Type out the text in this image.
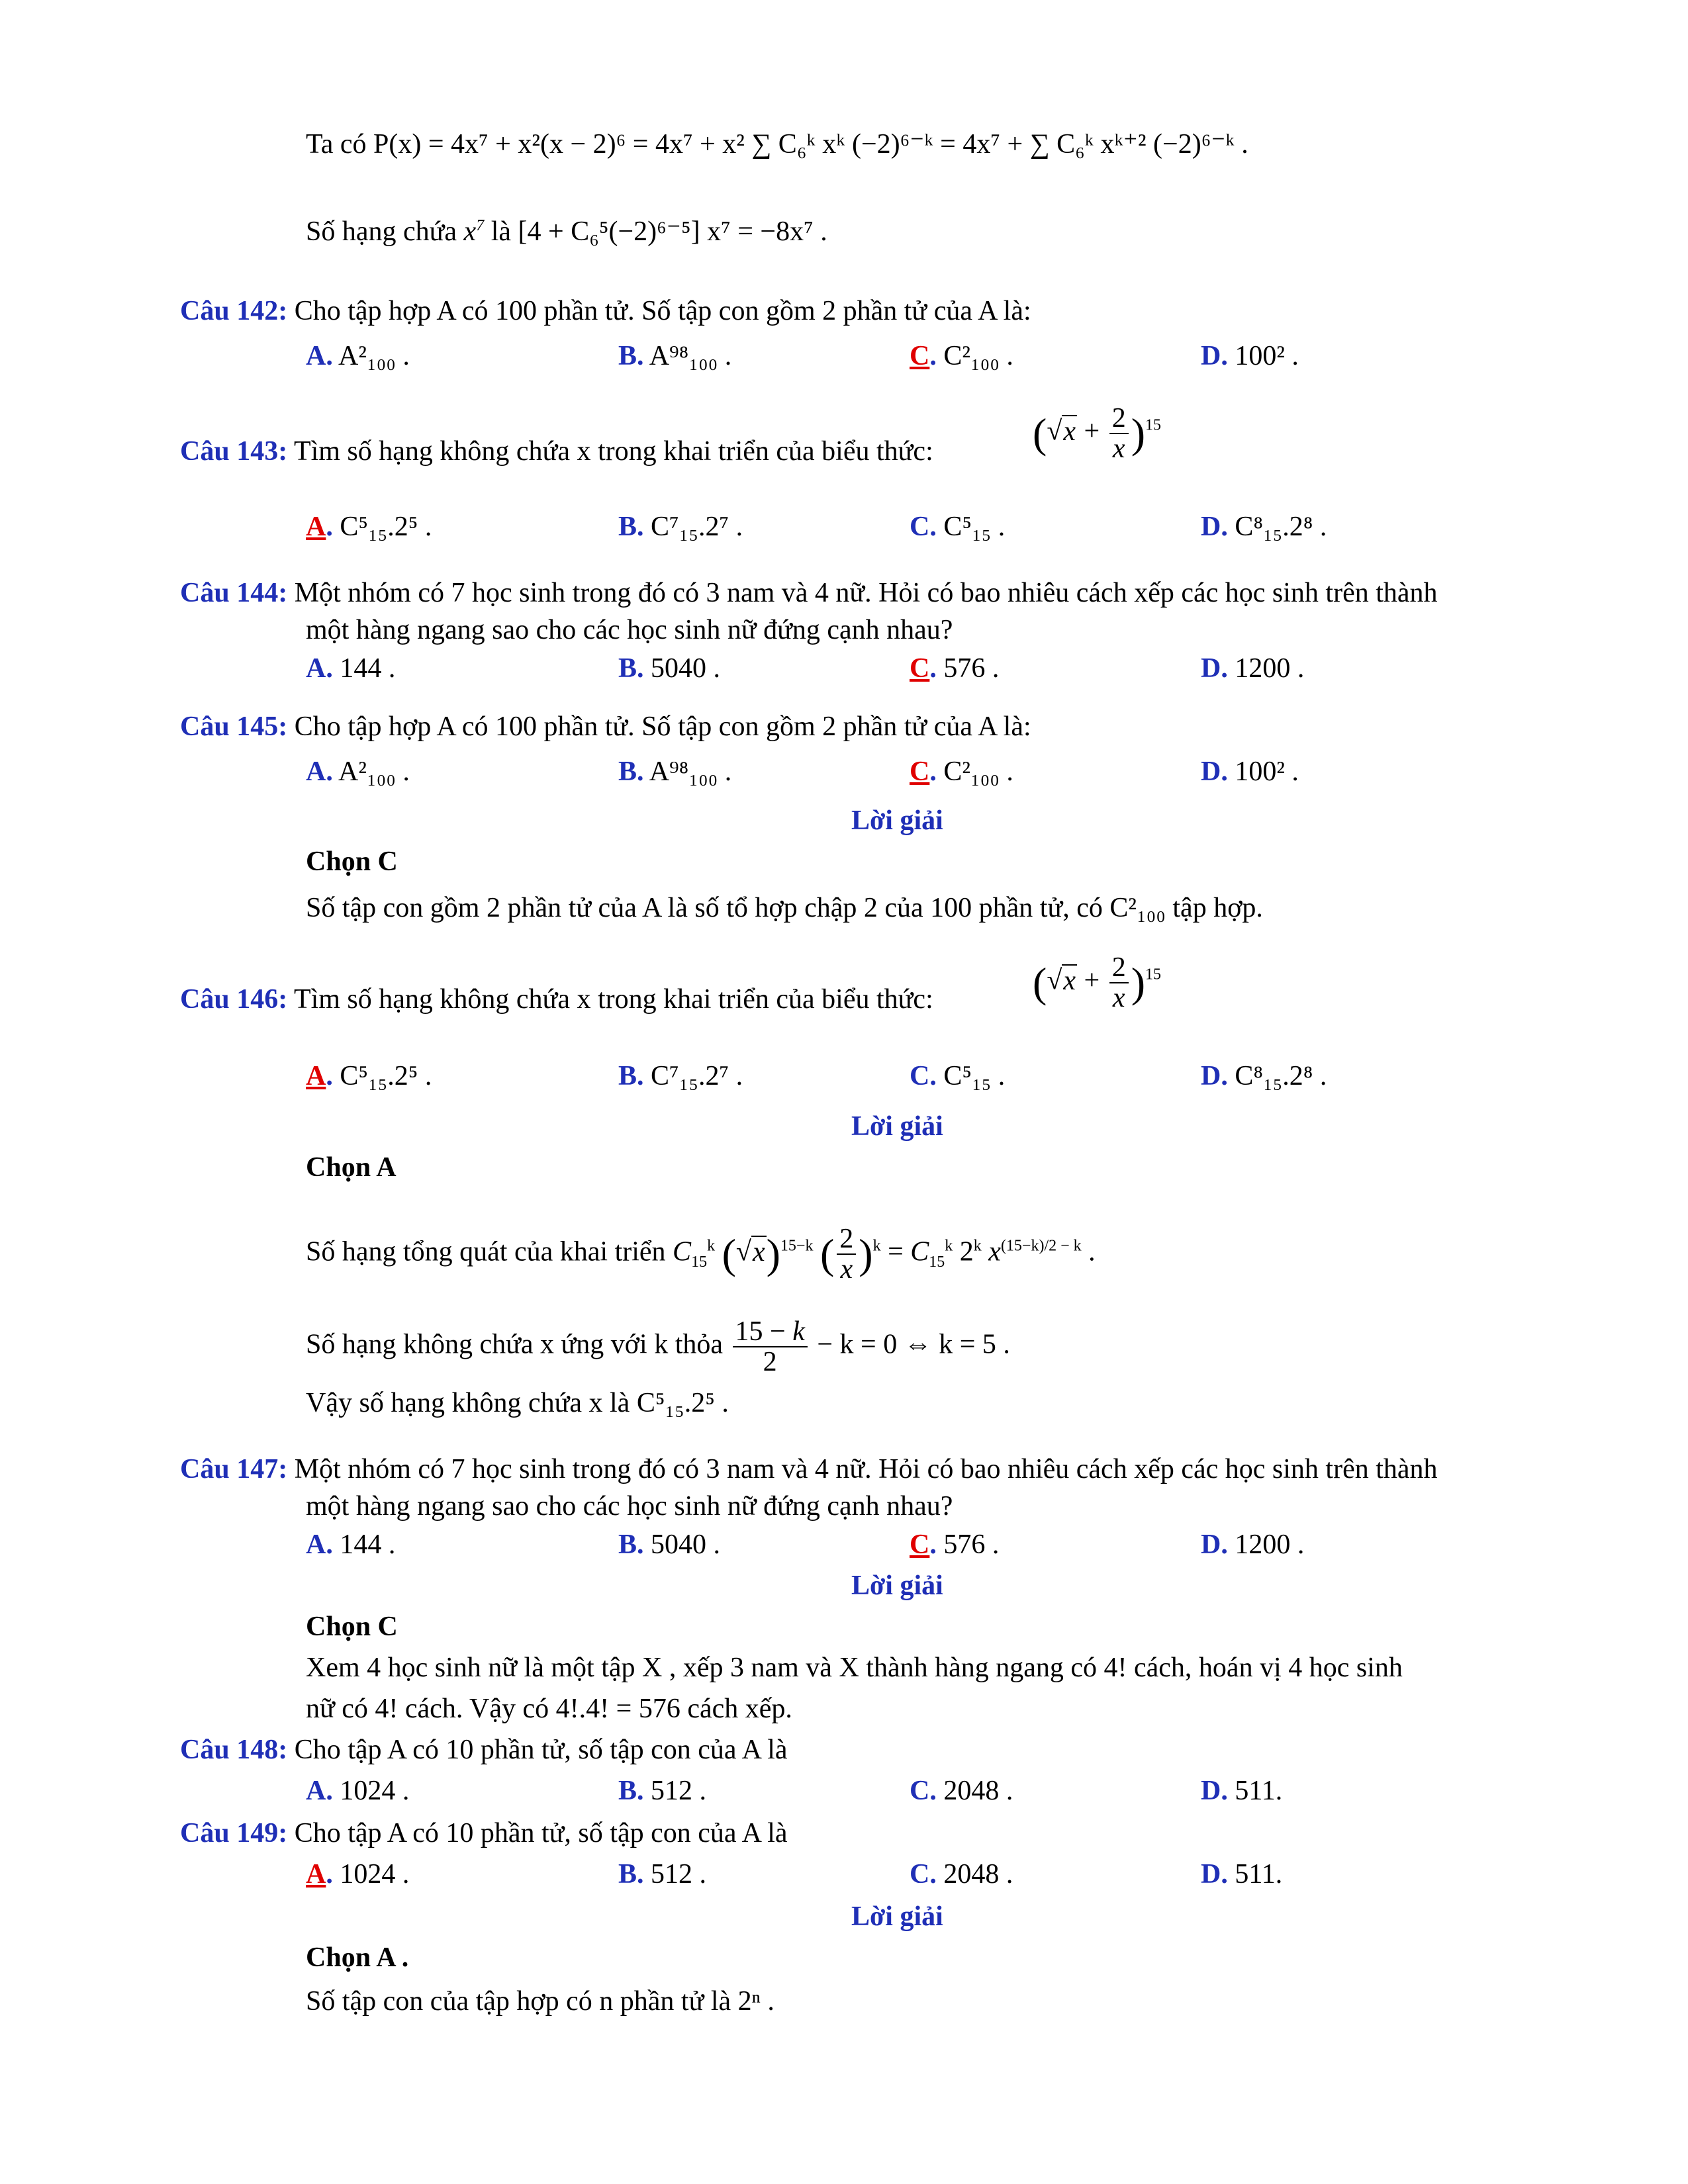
Ta có P(x) = 4x⁷ + x²(x − 2)⁶ = 4x⁷ + x² ∑ C₆ᵏ xᵏ (−2)⁶⁻ᵏ = 4x⁷ + ∑ C₆ᵏ xᵏ⁺² (−2)⁶⁻ᵏ .
Số hạng chứa $x^7$ là [4 + C₆⁵(−2)⁶⁻⁵] x⁷ = −8x⁷ .
Câu 142: Cho tập hợp A có 100 phần tử. Số tập con gồm 2 phần tử của A là:
A. A²₁₀₀ .	B. A⁹⁸₁₀₀ .	C. C²₁₀₀ .	D. 100² .
Câu 143: Tìm số hạng không chứa x trong khai triển của biểu thức: $(√x + \frac{2}{x} )^{15}$
A. C⁵₁₅.2⁵ .	B. C⁷₁₅.2⁷ .	C. C⁵₁₅ .	D. C⁸₁₅.2⁸ .
Câu 144: Một nhóm có 7 học sinh trong đó có 3 nam và 4 nữ. Hỏi có bao nhiêu cách xếp các học sinh trên thành
một hàng ngang sao cho các học sinh nữ đứng cạnh nhau?
A. 144 .	B. 5040 .	C. 576 .	D. 1200 .
Câu 145: Cho tập hợp A có 100 phần tử. Số tập con gồm 2 phần tử của A là:
A. A²₁₀₀ .	B. A⁹⁸₁₀₀ .	C. C²₁₀₀ .	D. 100² .
Lời giải
Chọn C
Số tập con gồm 2 phần tử của A là số tổ hợp chập 2 của 100 phần tử, có C²₁₀₀ tập hợp.
Câu 146: Tìm số hạng không chứa x trong khai triển của biểu thức: $(√x + \frac{2}{x} )^{15}$
A. C⁵₁₅.2⁵ .	B. C⁷₁₅.2⁷ .	C. C⁵₁₅ .	D. C⁸₁₅.2⁸ .
Lời giải
Chọn A
Số hạng tổng quát của khai triển $C_{15}^k$ $(√x)^{15-k}$ ( $\frac{2}{x} )^k = C_{15}^k$ 2$^k$ $x^{(15-k)/2 - k}$ .
Số hạng không chứa x ứng với k thỏa $\frac{15 - k}{2} - k = 0$ ⇔ k = 5 .
Vậy số hạng không chứa x là C⁵₁₅.2⁵ .
Câu 147: Một nhóm có 7 học sinh trong đó có 3 nam và 4 nữ. Hỏi có bao nhiêu cách xếp các học sinh trên thành
một hàng ngang sao cho các học sinh nữ đứng cạnh nhau?
A. 144 .	B. 5040 .	C. 576 .	D. 1200 .
Lời giải
Chọn C
Xem 4 học sinh nữ là một tập X , xếp 3 nam và X thành hàng ngang có 4! cách, hoán vị 4 học sinh
nữ có 4! cách. Vậy có 4!.4! = 576 cách xếp.
Câu 148: Cho tập A có 10 phần tử, số tập con của A là
A. 1024 .	B. 512 .	C. 2048 .	D. 511.
Câu 149: Cho tập A có 10 phần tử, số tập con của A là
A. 1024 .	B. 512 .	C. 2048 .	D. 511.
Lời giải
Chọn A .
Số tập con của tập hợp có n phần tử là 2ⁿ .
